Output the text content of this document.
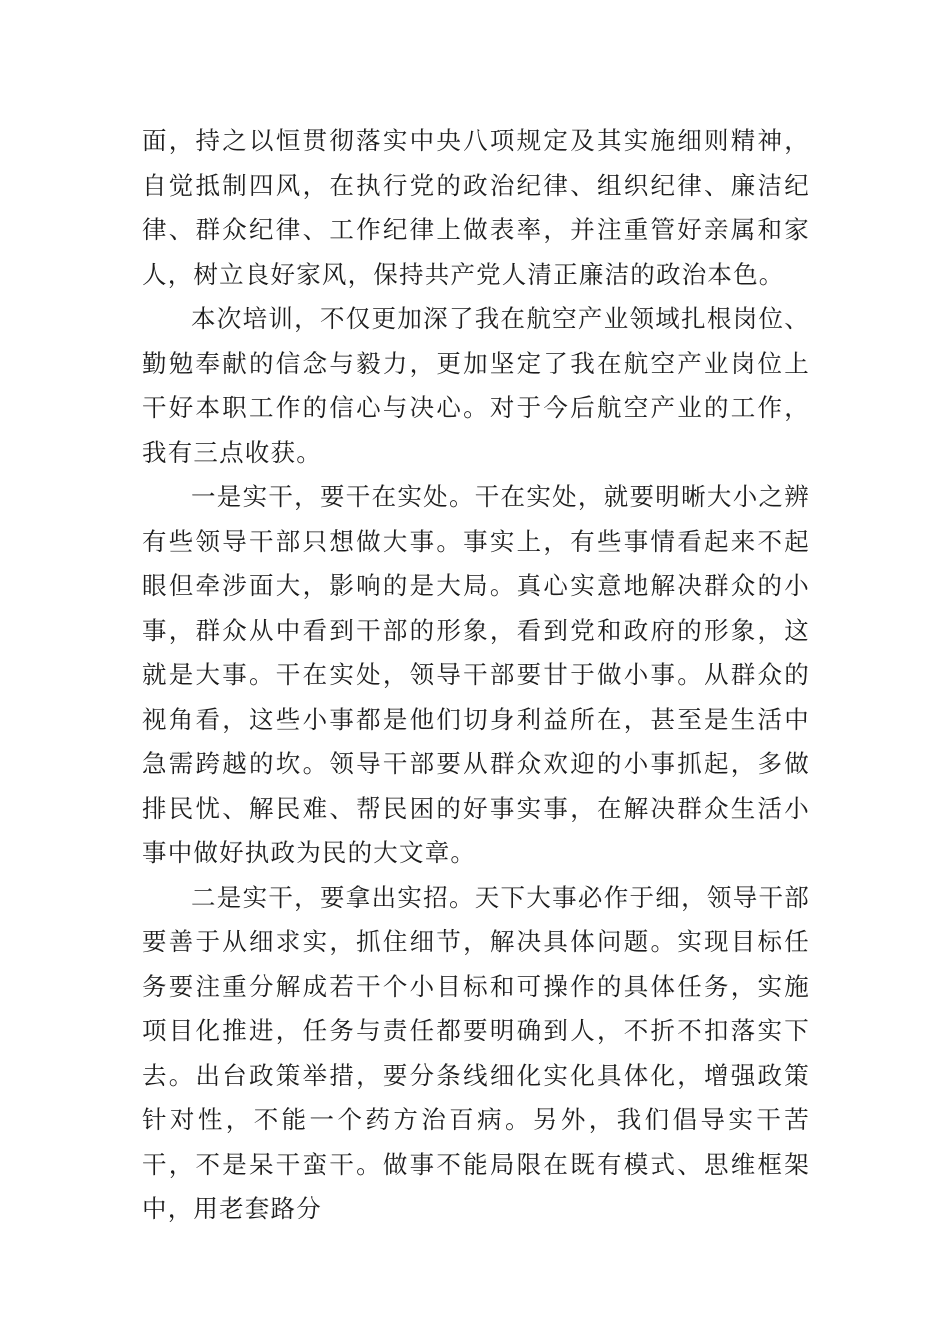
面，持之以恒贯彻落实中央八项规定及其实施细则精神，自觉抵制四风，在执行党的政治纪律、组织纪律、廉洁纪律、群众纪律、工作纪律上做表率，并注重管好亲属和家人，树立良好家风，保持共产党人清正廉洁的政治本色。

本次培训，不仅更加深了我在航空产业领域扎根岗位、勤勉奉献的信念与毅力，更加坚定了我在航空产业岗位上干好本职工作的信心与决心。对于今后航空产业的工作，我有三点收获。

一是实干，要干在实处。干在实处，就要明晰大小之辨有些领导干部只想做大事。事实上，有些事情看起来不起眼但牵涉面大，影响的是大局。真心实意地解决群众的小事，群众从中看到干部的形象，看到党和政府的形象，这就是大事。干在实处，领导干部要甘于做小事。从群众的视角看，这些小事都是他们切身利益所在，甚至是生活中急需跨越的坎。领导干部要从群众欢迎的小事抓起，多做排民忧、解民难、帮民困的好事实事，在解决群众生活小事中做好执政为民的大文章。

二是实干，要拿出实招。天下大事必作于细，领导干部要善于从细求实，抓住细节，解决具体问题。实现目标任务要注重分解成若干个小目标和可操作的具体任务，实施项目化推进，任务与责任都要明确到人，不折不扣落实下去。出台政策举措，要分条线细化实化具体化，增强政策针对性，不能一个药方治百病。另外，我们倡导实干苦干，不是呆干蛮干。做事不能局限在既有模式、思维框架中，用老套路分
